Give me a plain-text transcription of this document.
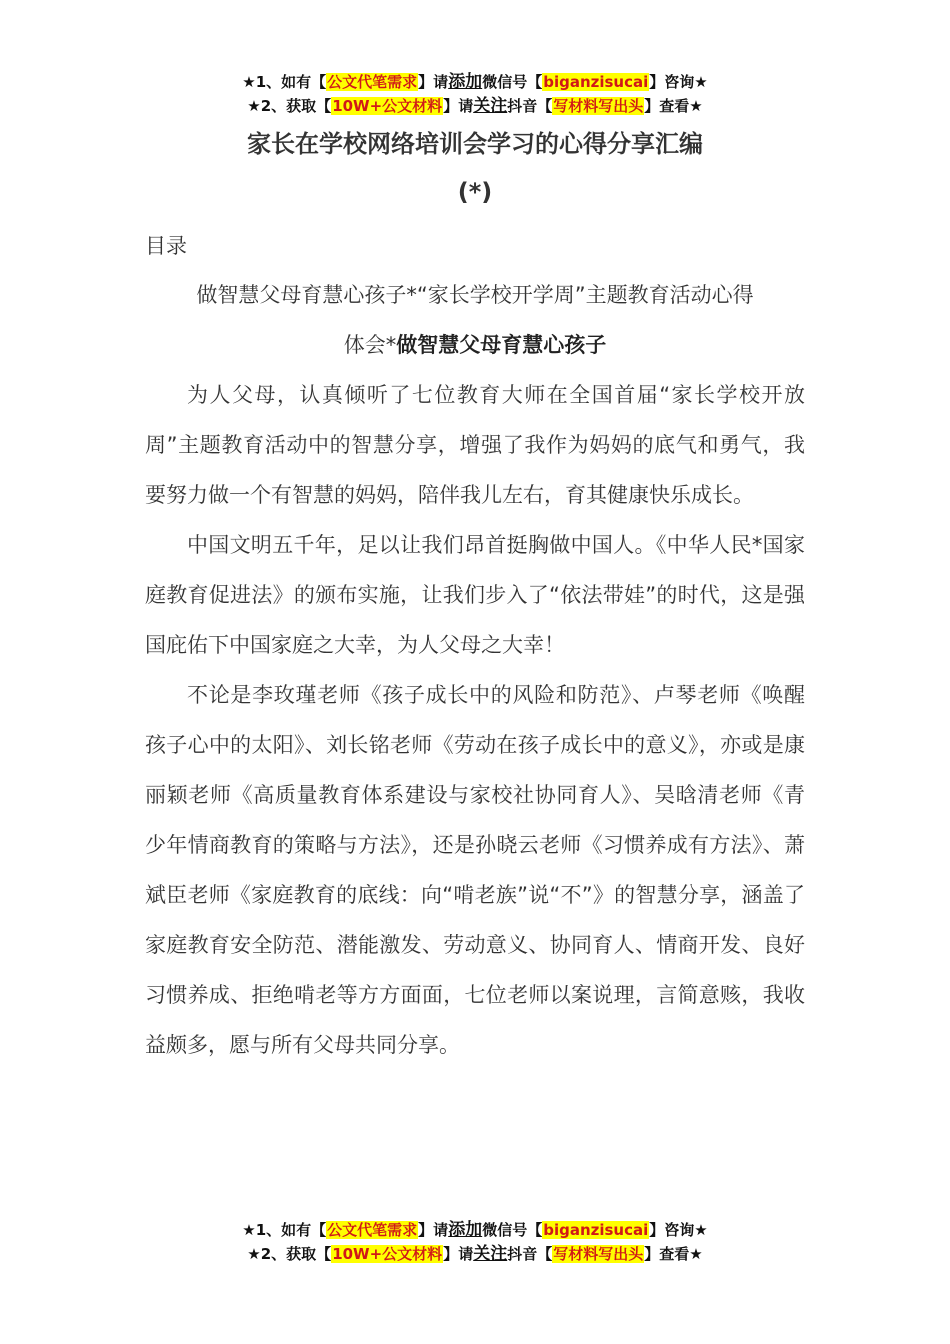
★1、如有【公文代笔需求】请添加微信号【biganzisucai】咨询★
★2、获取【10W+公文材料】请关注抖音【写材料写出头】查看★
家长在学校网络培训会学习的心得分享汇编
(*)
目录
做智慧父母育慧心孩子*“家长学校开学周”主题教育活动心得
体会*做智慧父母育慧心孩子

为人父母，认真倾听了七位教育大师在全国首届“家长学校开放周”主题教育活动中的智慧分享，增强了我作为妈妈的底气和勇气，我要努力做一个有智慧的妈妈，陪伴我儿左右，育其健康快乐成长。

中国文明五千年，足以让我们昂首挺胸做中国人。《中华人民*国家庭教育促进法》的颁布实施，让我们步入了“依法带娃”的时代，这是强国庇佑下中国家庭之大幸，为人父母之大幸！

不论是李玫瑾老师《孩子成长中的风险和防范》、卢琴老师《唤醒孩子心中的太阳》、刘长铭老师《劳动在孩子成长中的意义》，亦或是康丽颖老师《高质量教育体系建设与家校社协同育人》、吴晗清老师《青少年情商教育的策略与方法》，还是孙晓云老师《习惯养成有方法》、萧斌臣老师《家庭教育的底线：向“啃老族”说“不”》的智慧分享，涵盖了家庭教育安全防范、潜能激发、劳动意义、协同育人、情商开发、良好习惯养成、拒绝啃老等方方面面，七位老师以案说理，言简意赅，我收益颇多，愿与所有父母共同分享。

★1、如有【公文代笔需求】请添加微信号【biganzisucai】咨询★
★2、获取【10W+公文材料】请关注抖音【写材料写出头】查看★
